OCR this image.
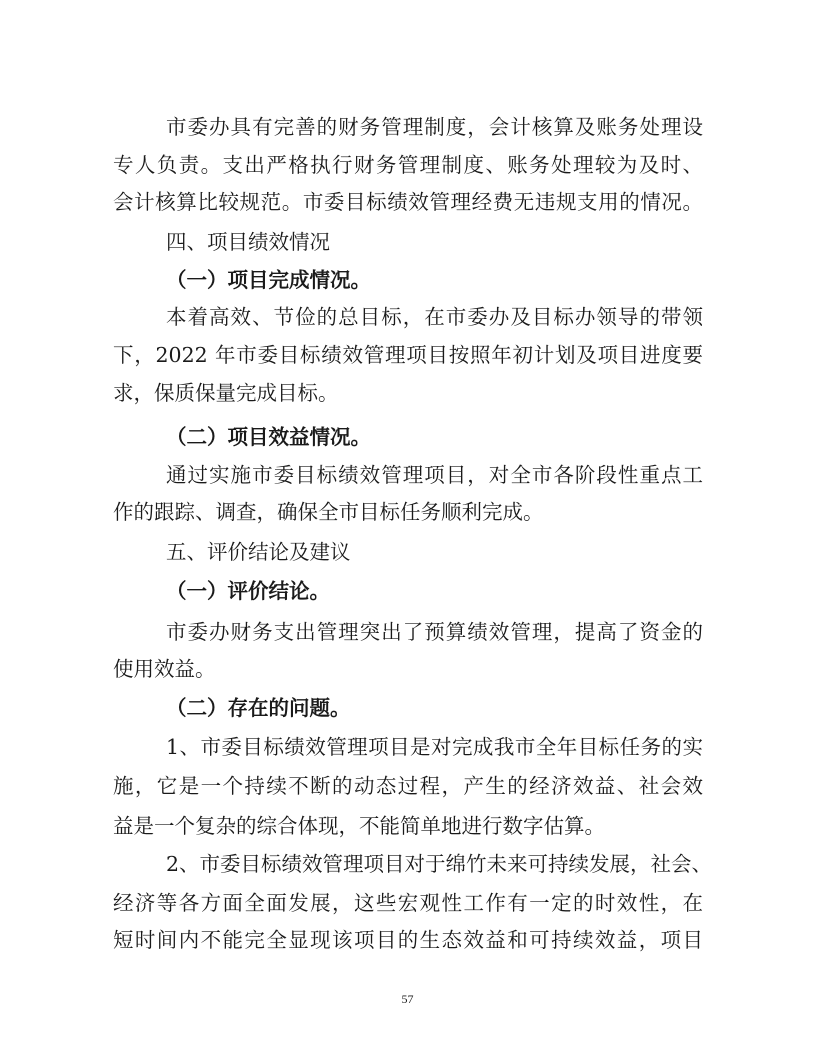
市委办具有完善的财务管理制度，会计核算及账务处理设
专人负责。支出严格执行财务管理制度、账务处理较为及时、
会计核算比较规范。市委目标绩效管理经费无违规支用的情况。
四、项目绩效情况
（一）项目完成情况。
本着高效、节俭的总目标，在市委办及目标办领导的带领
下，2022 年市委目标绩效管理项目按照年初计划及项目进度要
求，保质保量完成目标。
（二）项目效益情况。
通过实施市委目标绩效管理项目，对全市各阶段性重点工
作的跟踪、调查，确保全市目标任务顺利完成。
五、评价结论及建议
（一）评价结论。
市委办财务支出管理突出了预算绩效管理，提高了资金的
使用效益。
（二）存在的问题。
1、市委目标绩效管理项目是对完成我市全年目标任务的实
施，它是一个持续不断的动态过程，产生的经济效益、社会效
益是一个复杂的综合体现，不能简单地进行数字估算。
2、市委目标绩效管理项目对于绵竹未来可持续发展，社会、
经济等各方面全面发展，这些宏观性工作有一定的时效性，在
短时间内不能完全显现该项目的生态效益和可持续效益，项目
57
